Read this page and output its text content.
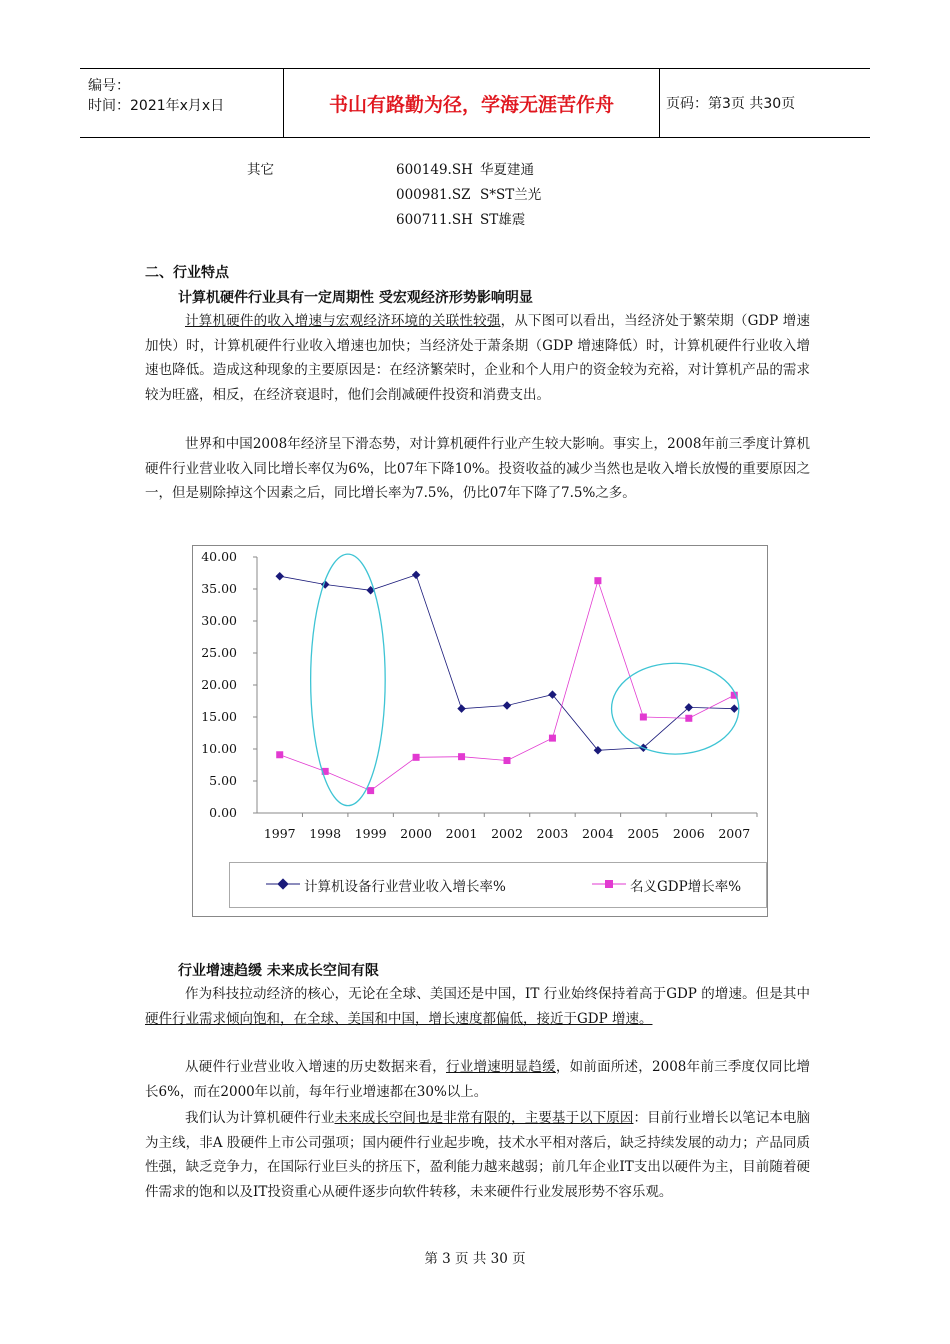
编号：
时间：2021年x月x日	书山有路勤为径，学海无涯苦作舟	页码：第3页 共30页
其它	600149.SH 华夏建通
000981.SZ S*ST兰光
600711.SH ST雄震
二、行业特点
计算机硬件行业具有一定周期性 受宏观经济形势影响明显
计算机硬件的收入增速与宏观经济环境的关联性较强，从下图可以看出，当经济处于繁荣期（GDP 增速加快）时，计算机硬件行业收入增速也加快；当经济处于萧条期（GDP 增速降低）时，计算机硬件行业收入增速也降低。造成这种现象的主要原因是：在经济繁荣时，企业和个人用户的资金较为充裕，对计算机产品的需求较为旺盛，相反，在经济衰退时，他们会削减硬件投资和消费支出。
世界和中国2008年经济呈下滑态势，对计算机硬件行业产生较大影响。事实上，2008年前三季度计算机硬件行业营业收入同比增长率仅为6%，比07年下降10%。投资收益的减少当然也是收入增长放慢的重要原因之一，但是剔除掉这个因素之后，同比增长率为7.5%，仍比07年下降了7.5%之多。
0.00
5.00
10.00
15.00
20.00
25.00
30.00
35.00
40.00
1997 1998 1999 2000 2001 2002 2003 2004 2005 2006 2007
计算机设备行业营业收入增长率%	名义GDP增长率%
行业增速趋缓 未来成长空间有限
作为科技拉动经济的核心，无论在全球、美国还是中国，IT 行业始终保持着高于GDP 的增速。但是其中硬件行业需求倾向饱和，在全球、美国和中国，增长速度都偏低，接近于GDP 增速。
从硬件行业营业收入增速的历史数据来看，行业增速明显趋缓，如前面所述，2008年前三季度仅同比增长6%，而在2000年以前，每年行业增速都在30%以上。
我们认为计算机硬件行业未来成长空间也是非常有限的，主要基于以下原因：目前行业增长以笔记本电脑为主线，非A 股硬件上市公司强项；国内硬件行业起步晚，技术水平相对落后，缺乏持续发展的动力；产品同质性强，缺乏竞争力，在国际行业巨头的挤压下，盈利能力越来越弱；前几年企业IT支出以硬件为主，目前随着硬件需求的饱和以及IT投资重心从硬件逐步向软件转移，未来硬件行业发展形势不容乐观。
第 3 页 共 30 页
